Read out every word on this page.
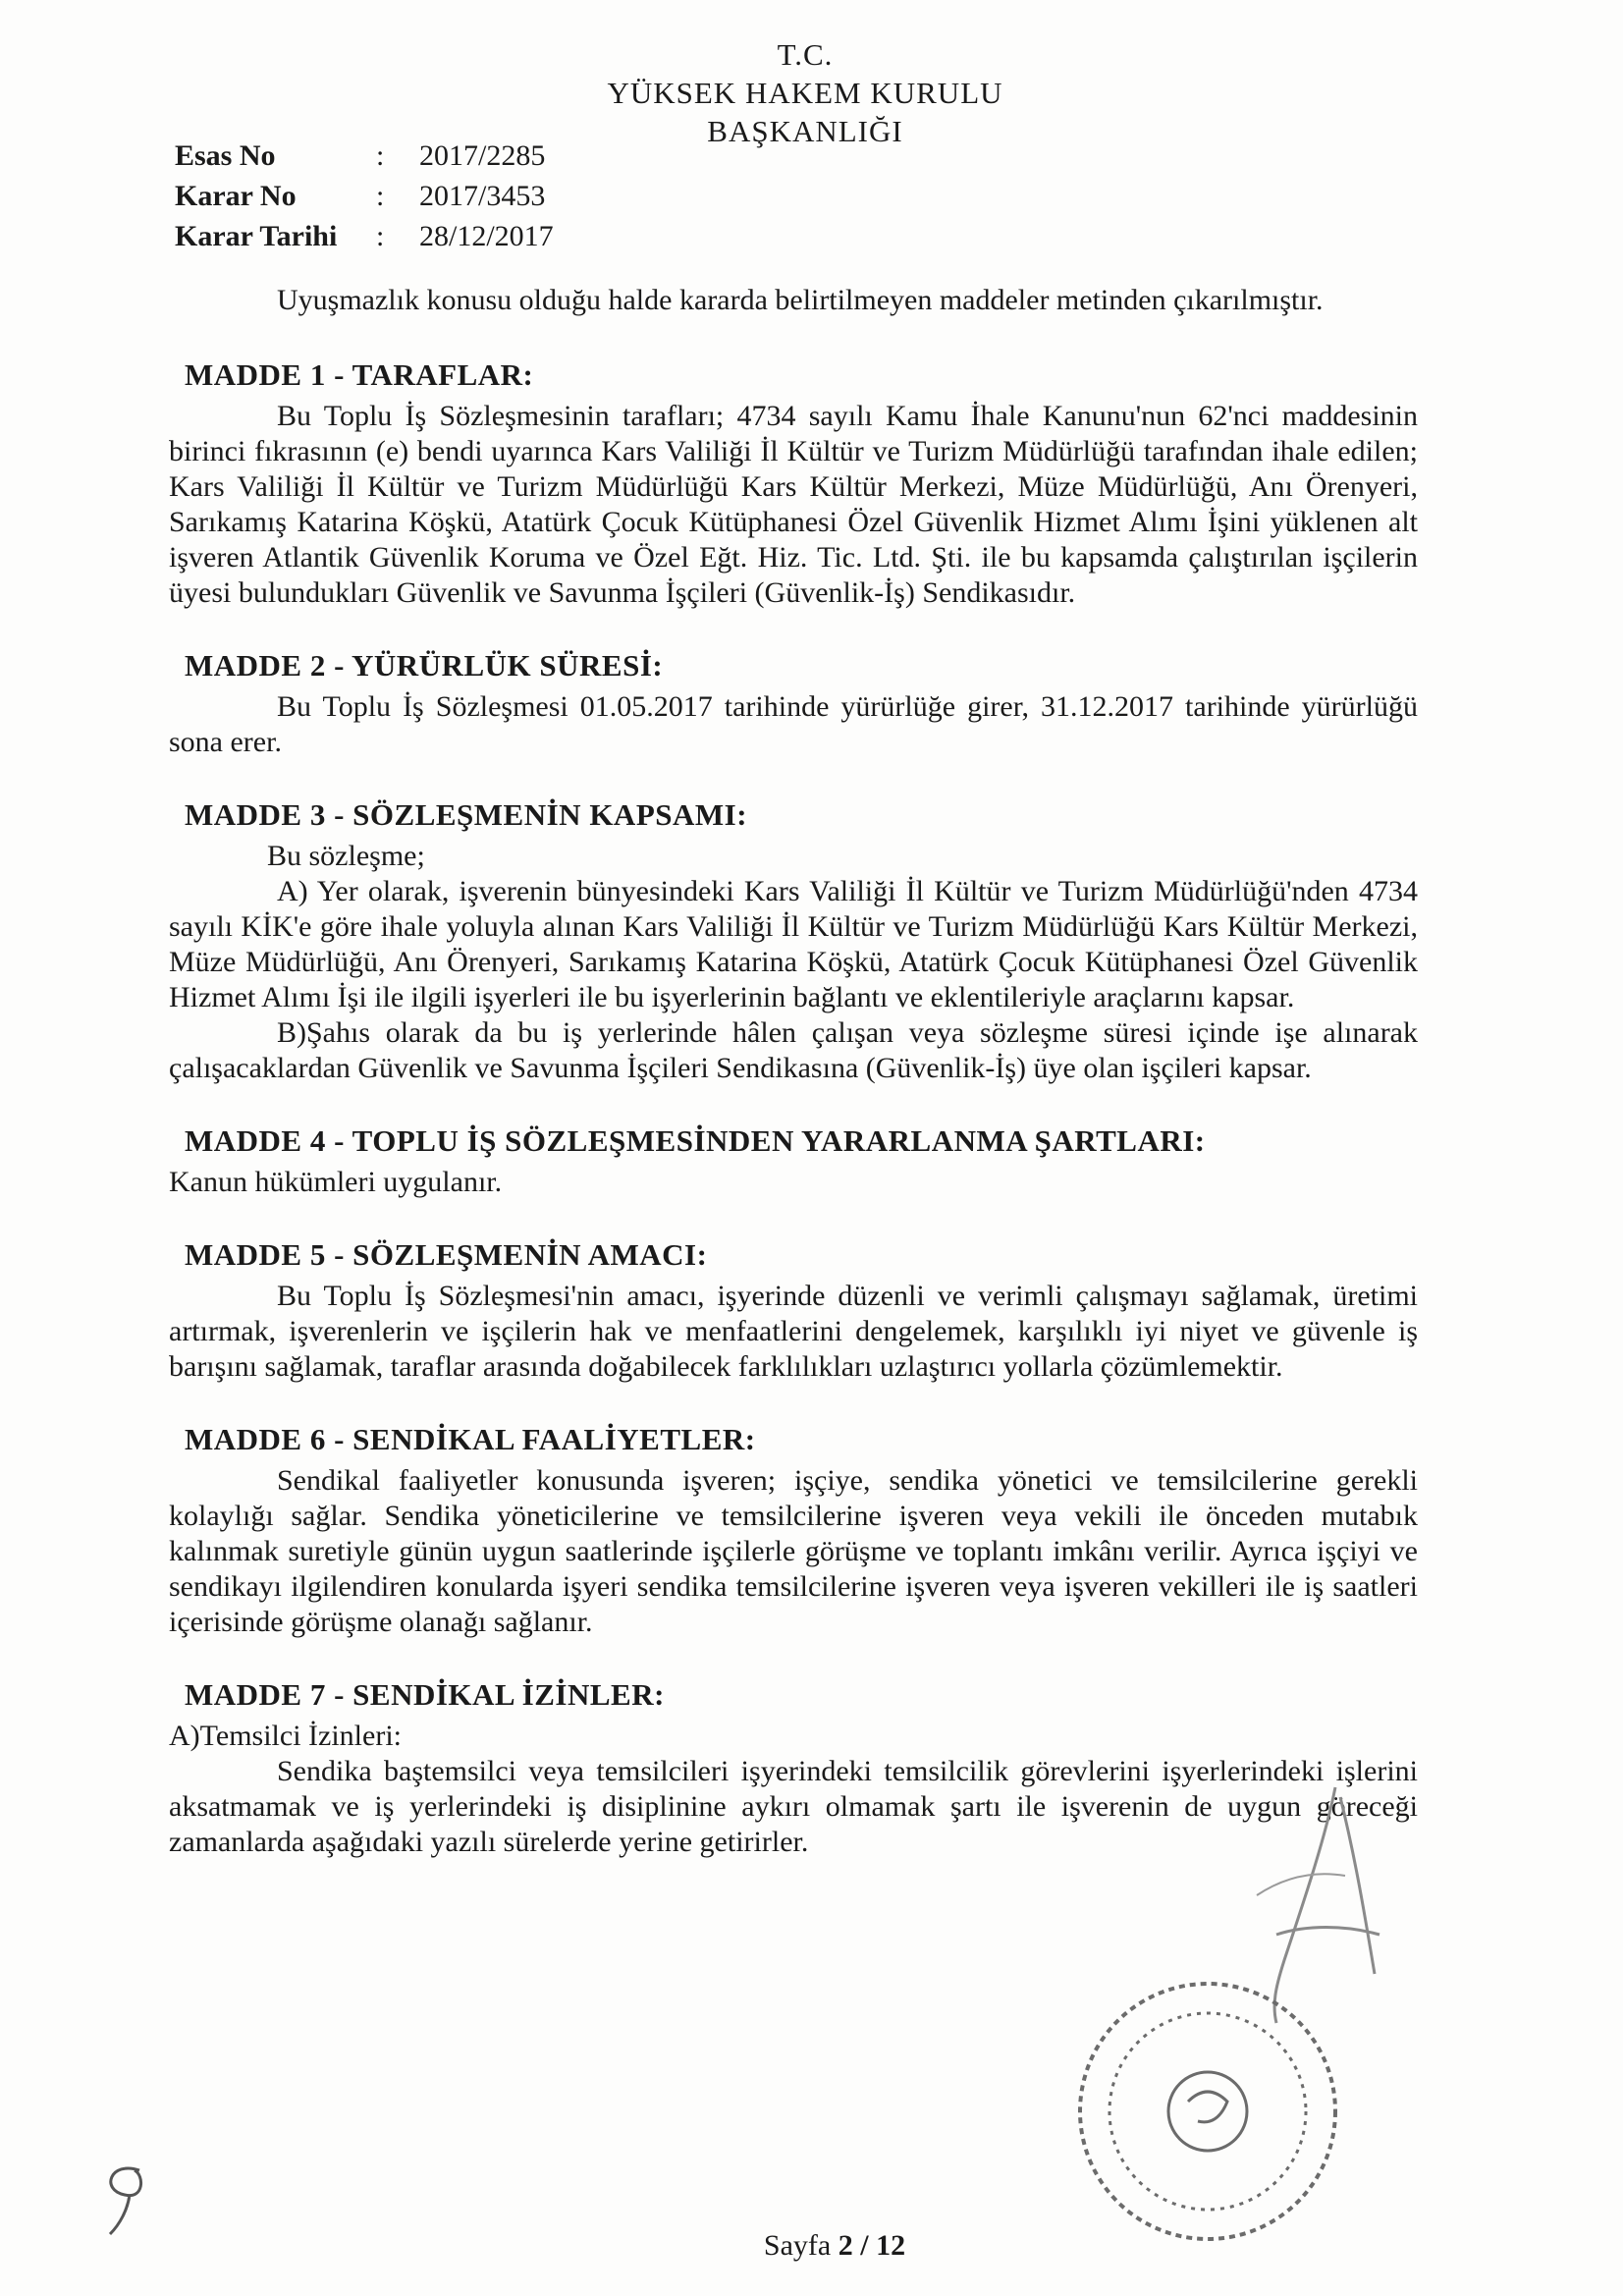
T.C.
YÜKSEK HAKEM KURULU
BAŞKANLIĞI
Esas No	:	2017/2285
Karar No	:	2017/3453
Karar Tarihi	:	28/12/2017

Uyuşmazlık konusu olduğu halde kararda belirtilmeyen maddeler metinden çıkarılmıştır.

MADDE 1 - TARAFLAR:

Bu Toplu İş Sözleşmesinin tarafları; 4734 sayılı Kamu İhale Kanunu'nun 62'nci maddesinin birinci fıkrasının (e) bendi uyarınca Kars Valiliği İl Kültür ve Turizm Müdürlüğü tarafından ihale edilen; Kars Valiliği İl Kültür ve Turizm Müdürlüğü Kars Kültür Merkezi, Müze Müdürlüğü, Anı Örenyeri, Sarıkamış Katarina Köşkü, Atatürk Çocuk Kütüphanesi Özel Güvenlik Hizmet Alımı İşini yüklenen alt işveren Atlantik Güvenlik Koruma ve Özel Eğt. Hiz. Tic. Ltd. Şti. ile bu kapsamda çalıştırılan işçilerin üyesi bulundukları Güvenlik ve Savunma İşçileri (Güvenlik-İş) Sendikasıdır.

MADDE 2 - YÜRÜRLÜK SÜRESİ:

Bu Toplu İş Sözleşmesi 01.05.2017 tarihinde yürürlüğe girer, 31.12.2017 tarihinde yürürlüğü sona erer.

MADDE 3 - SÖZLEŞMENİN KAPSAMI:

Bu sözleşme;

A) Yer olarak, işverenin bünyesindeki Kars Valiliği İl Kültür ve Turizm Müdürlüğü'nden 4734 sayılı KİK'e göre ihale yoluyla alınan Kars Valiliği İl Kültür ve Turizm Müdürlüğü Kars Kültür Merkezi, Müze Müdürlüğü, Anı Örenyeri, Sarıkamış Katarina Köşkü, Atatürk Çocuk Kütüphanesi Özel Güvenlik Hizmet Alımı İşi ile ilgili işyerleri ile bu işyerlerinin bağlantı ve eklentileriyle araçlarını kapsar.

B)Şahıs olarak da bu iş yerlerinde hâlen çalışan veya sözleşme süresi içinde işe alınarak çalışacaklardan Güvenlik ve Savunma İşçileri Sendikasına (Güvenlik-İş) üye olan işçileri kapsar.

MADDE 4 - TOPLU İŞ SÖZLEŞMESİNDEN YARARLANMA ŞARTLARI:

Kanun hükümleri uygulanır.

MADDE 5 - SÖZLEŞMENİN AMACI:

Bu Toplu İş Sözleşmesi'nin amacı, işyerinde düzenli ve verimli çalışmayı sağlamak, üretimi artırmak, işverenlerin ve işçilerin hak ve menfaatlerini dengelemek, karşılıklı iyi niyet ve güvenle iş barışını sağlamak, taraflar arasında doğabilecek farklılıkları uzlaştırıcı yollarla çözümlemektir.

MADDE 6 - SENDİKAL FAALİYETLER:

Sendikal faaliyetler konusunda işveren; işçiye, sendika yönetici ve temsilcilerine gerekli kolaylığı sağlar. Sendika yöneticilerine ve temsilcilerine işveren veya vekili ile önceden mutabık kalınmak suretiyle günün uygun saatlerinde işçilerle görüşme ve toplantı imkânı verilir. Ayrıca işçiyi ve sendikayı ilgilendiren konularda işyeri sendika temsilcilerine işveren veya işveren vekilleri ile iş saatleri içerisinde görüşme olanağı sağlanır.

MADDE 7 - SENDİKAL İZİNLER:

A)Temsilci İzinleri:

Sendika baştemsilci veya temsilcileri işyerindeki temsilcilik görevlerini işyerlerindeki işlerini aksatmamak ve iş yerlerindeki iş disiplinine aykırı olmamak şartı ile işverenin de uygun göreceği zamanlarda aşağıdaki yazılı sürelerde yerine getirirler.

Sayfa 2 / 12
